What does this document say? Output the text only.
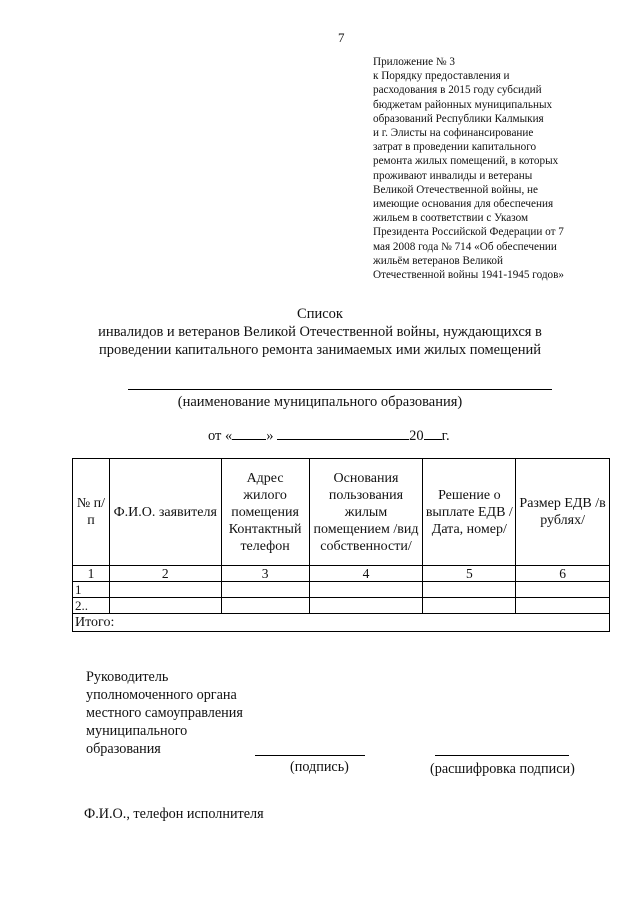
7
Приложение № 3
к Порядку предоставления и
расходования в 2015 году субсидий
бюджетам районных муниципальных
образований Республики Калмыкия
и г. Элисты на софинансирование
затрат в проведении капитального
ремонта жилых помещений, в которых
проживают инвалиды и ветераны
Великой Отечественной войны, не
имеющие основания для обеспечения
жильем в соответствии с Указом
Президента Российской Федерации от 7
мая 2008 года № 714 «Об обеспечении
жильём ветеранов Великой
Отечественной войны 1941-1945 годов»
Список
инвалидов и ветеранов Великой Отечественной войны, нуждающихся в
проведении капитального ремонта занимаемых ими жилых помещений
(наименование муниципального образования)
от « »	20 г.
№ п/п	Ф.И.О. заявителя	Адрес жилого помещения Контактный телефон	Основания пользования жилым помещением /вид собственности/	Решение о выплате ЕДВ /Дата, номер/	Размер ЕДВ /в рублях/
1	2	3	4	5	6
1					
2..					
Итого:					
Руководитель
уполномоченного органа
местного самоуправления
муниципального
образования
(подпись)	(расшифровка подписи)
Ф.И.О., телефон исполнителя
